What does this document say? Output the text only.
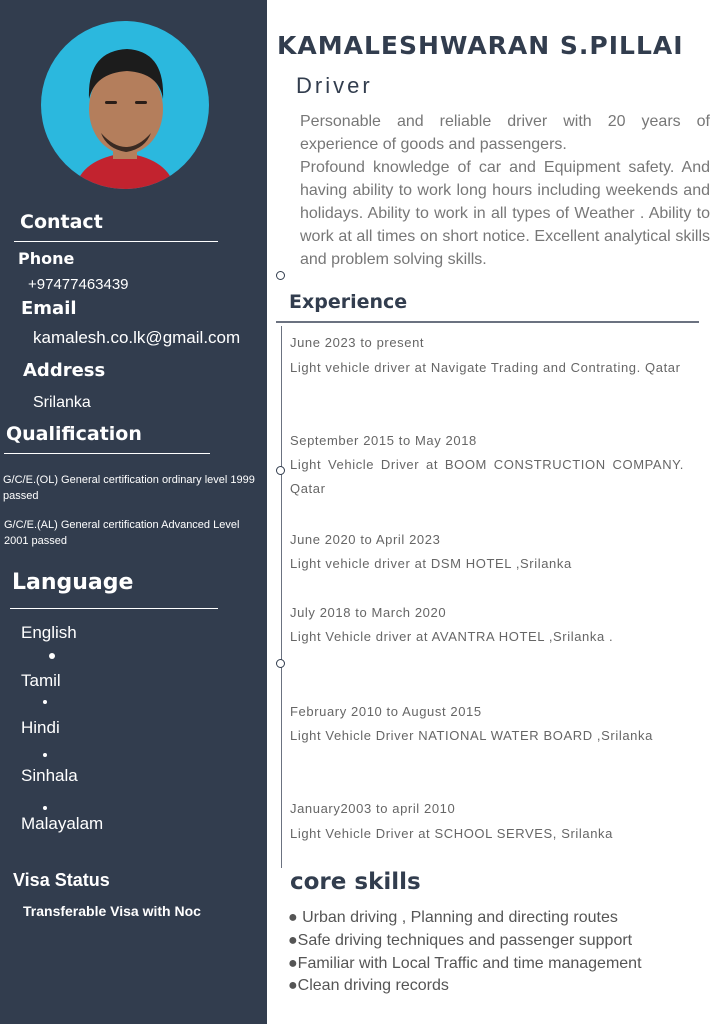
Contact
Phone
+97477463439
Email
kamalesh.co.lk@gmail.com
Address
Srilanka
Qualification
G/C/E.(OL) General certification ordinary level 1999 passed
G/C/E.(AL) General certification Advanced Level 2001 passed
Language
English
Tamil
Hindi
Sinhala
Malayalam
Visa Status
Transferable Visa with Noc
KAMALESHWARAN S.PILLAI
Driver
Personable and reliable driver with 20 years of experience of goods and passengers.
Profound knowledge of car and Equipment safety. And having ability to work long hours including weekends and holidays. Ability to work in all types of Weather . Ability to work at all times on short notice. Excellent analytical skills and problem solving skills.
Experience
June 2023 to present
Light vehicle driver at Navigate Trading and Contrating. Qatar
September 2015 to May 2018
Light Vehicle Driver at BOOM CONSTRUCTION COMPANY. Qatar
June 2020 to April 2023
Light vehicle driver at DSM HOTEL ,Srilanka
July 2018 to March 2020
Light Vehicle driver at AVANTRA HOTEL ,Srilanka .
February 2010 to August 2015
Light Vehicle Driver NATIONAL WATER BOARD ,Srilanka
January2003 to april 2010
Light Vehicle Driver at SCHOOL SERVES, Srilanka
core skills
● Urban driving , Planning and directing routes
●Safe driving techniques and passenger support
●Familiar with Local Traffic and time management
●Clean driving records
